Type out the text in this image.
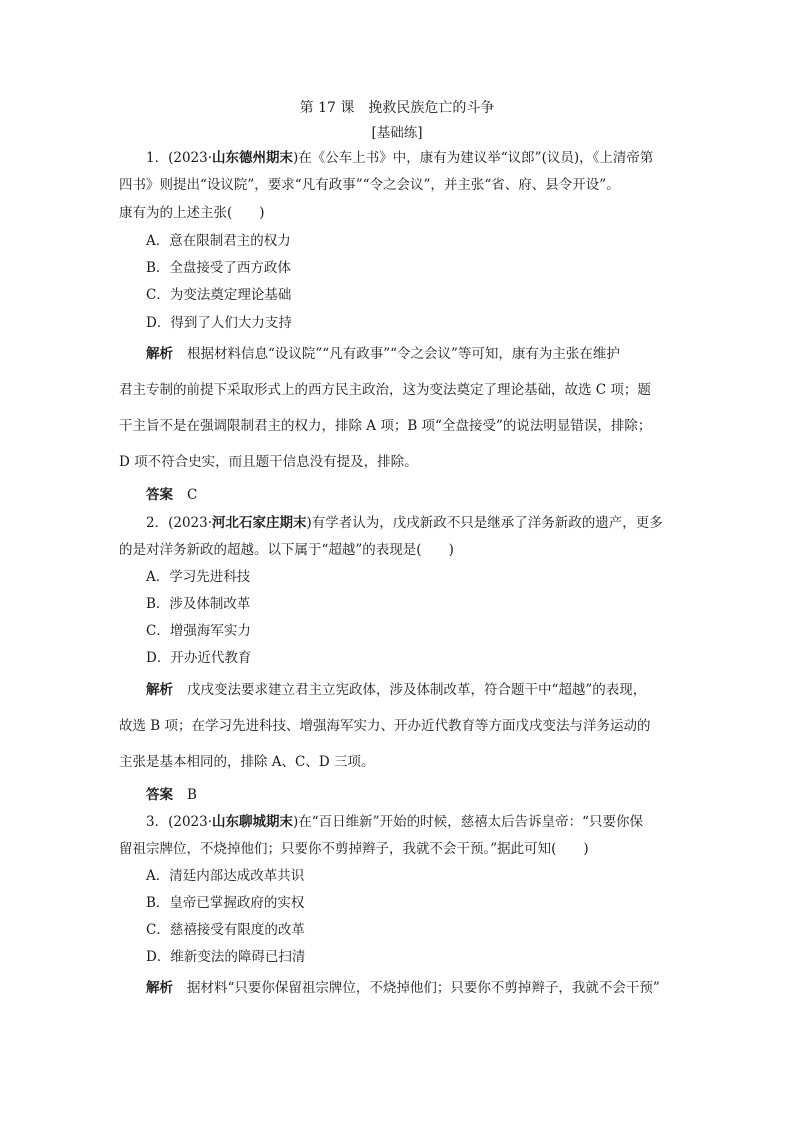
第 17 课　挽救民族危亡的斗争
[基础练]
1．(2023·山东德州期末)在《公车上书》中，康有为建议举“议郎”(议员)，《上清帝第
四书》则提出“设议院”，要求“凡有政事”“令之会议”，并主张“省、府、县令开设”。
康有为的上述主张(　　)
A．意在限制君主的权力
B．全盘接受了西方政体
C．为变法奠定理论基础
D．得到了人们大力支持
解析 根据材料信息“设议院”“凡有政事”“令之会议”等可知，康有为主张在维护
君主专制的前提下采取形式上的西方民主政治，这为变法奠定了理论基础，故选 C 项；题
干主旨不是在强调限制君主的权力，排除 A 项；B 项“全盘接受”的说法明显错误，排除；
D 项不符合史实，而且题干信息没有提及，排除。
答案 C
2．(2023·河北石家庄期末)有学者认为，戊戌新政不只是继承了洋务新政的遗产，更多
的是对洋务新政的超越。以下属于“超越”的表现是(　　)
A．学习先进科技
B．涉及体制改革
C．增强海军实力
D．开办近代教育
解析 戊戌变法要求建立君主立宪政体，涉及体制改革，符合题干中“超越”的表现，
故选 B 项；在学习先进科技、增强海军实力、开办近代教育等方面戊戌变法与洋务运动的
主张是基本相同的，排除 A、C、D 三项。
答案 B
3．(2023·山东聊城期末)在“百日维新”开始的时候，慈禧太后告诉皇帝：“只要你保
留祖宗牌位，不烧掉他们；只要你不剪掉辫子，我就不会干预。”据此可知(　　)
A．清廷内部达成改革共识
B．皇帝已掌握政府的实权
C．慈禧接受有限度的改革
D．维新变法的障碍已扫清
解析 据材料“只要你保留祖宗牌位，不烧掉他们；只要你不剪掉辫子，我就不会干预”
